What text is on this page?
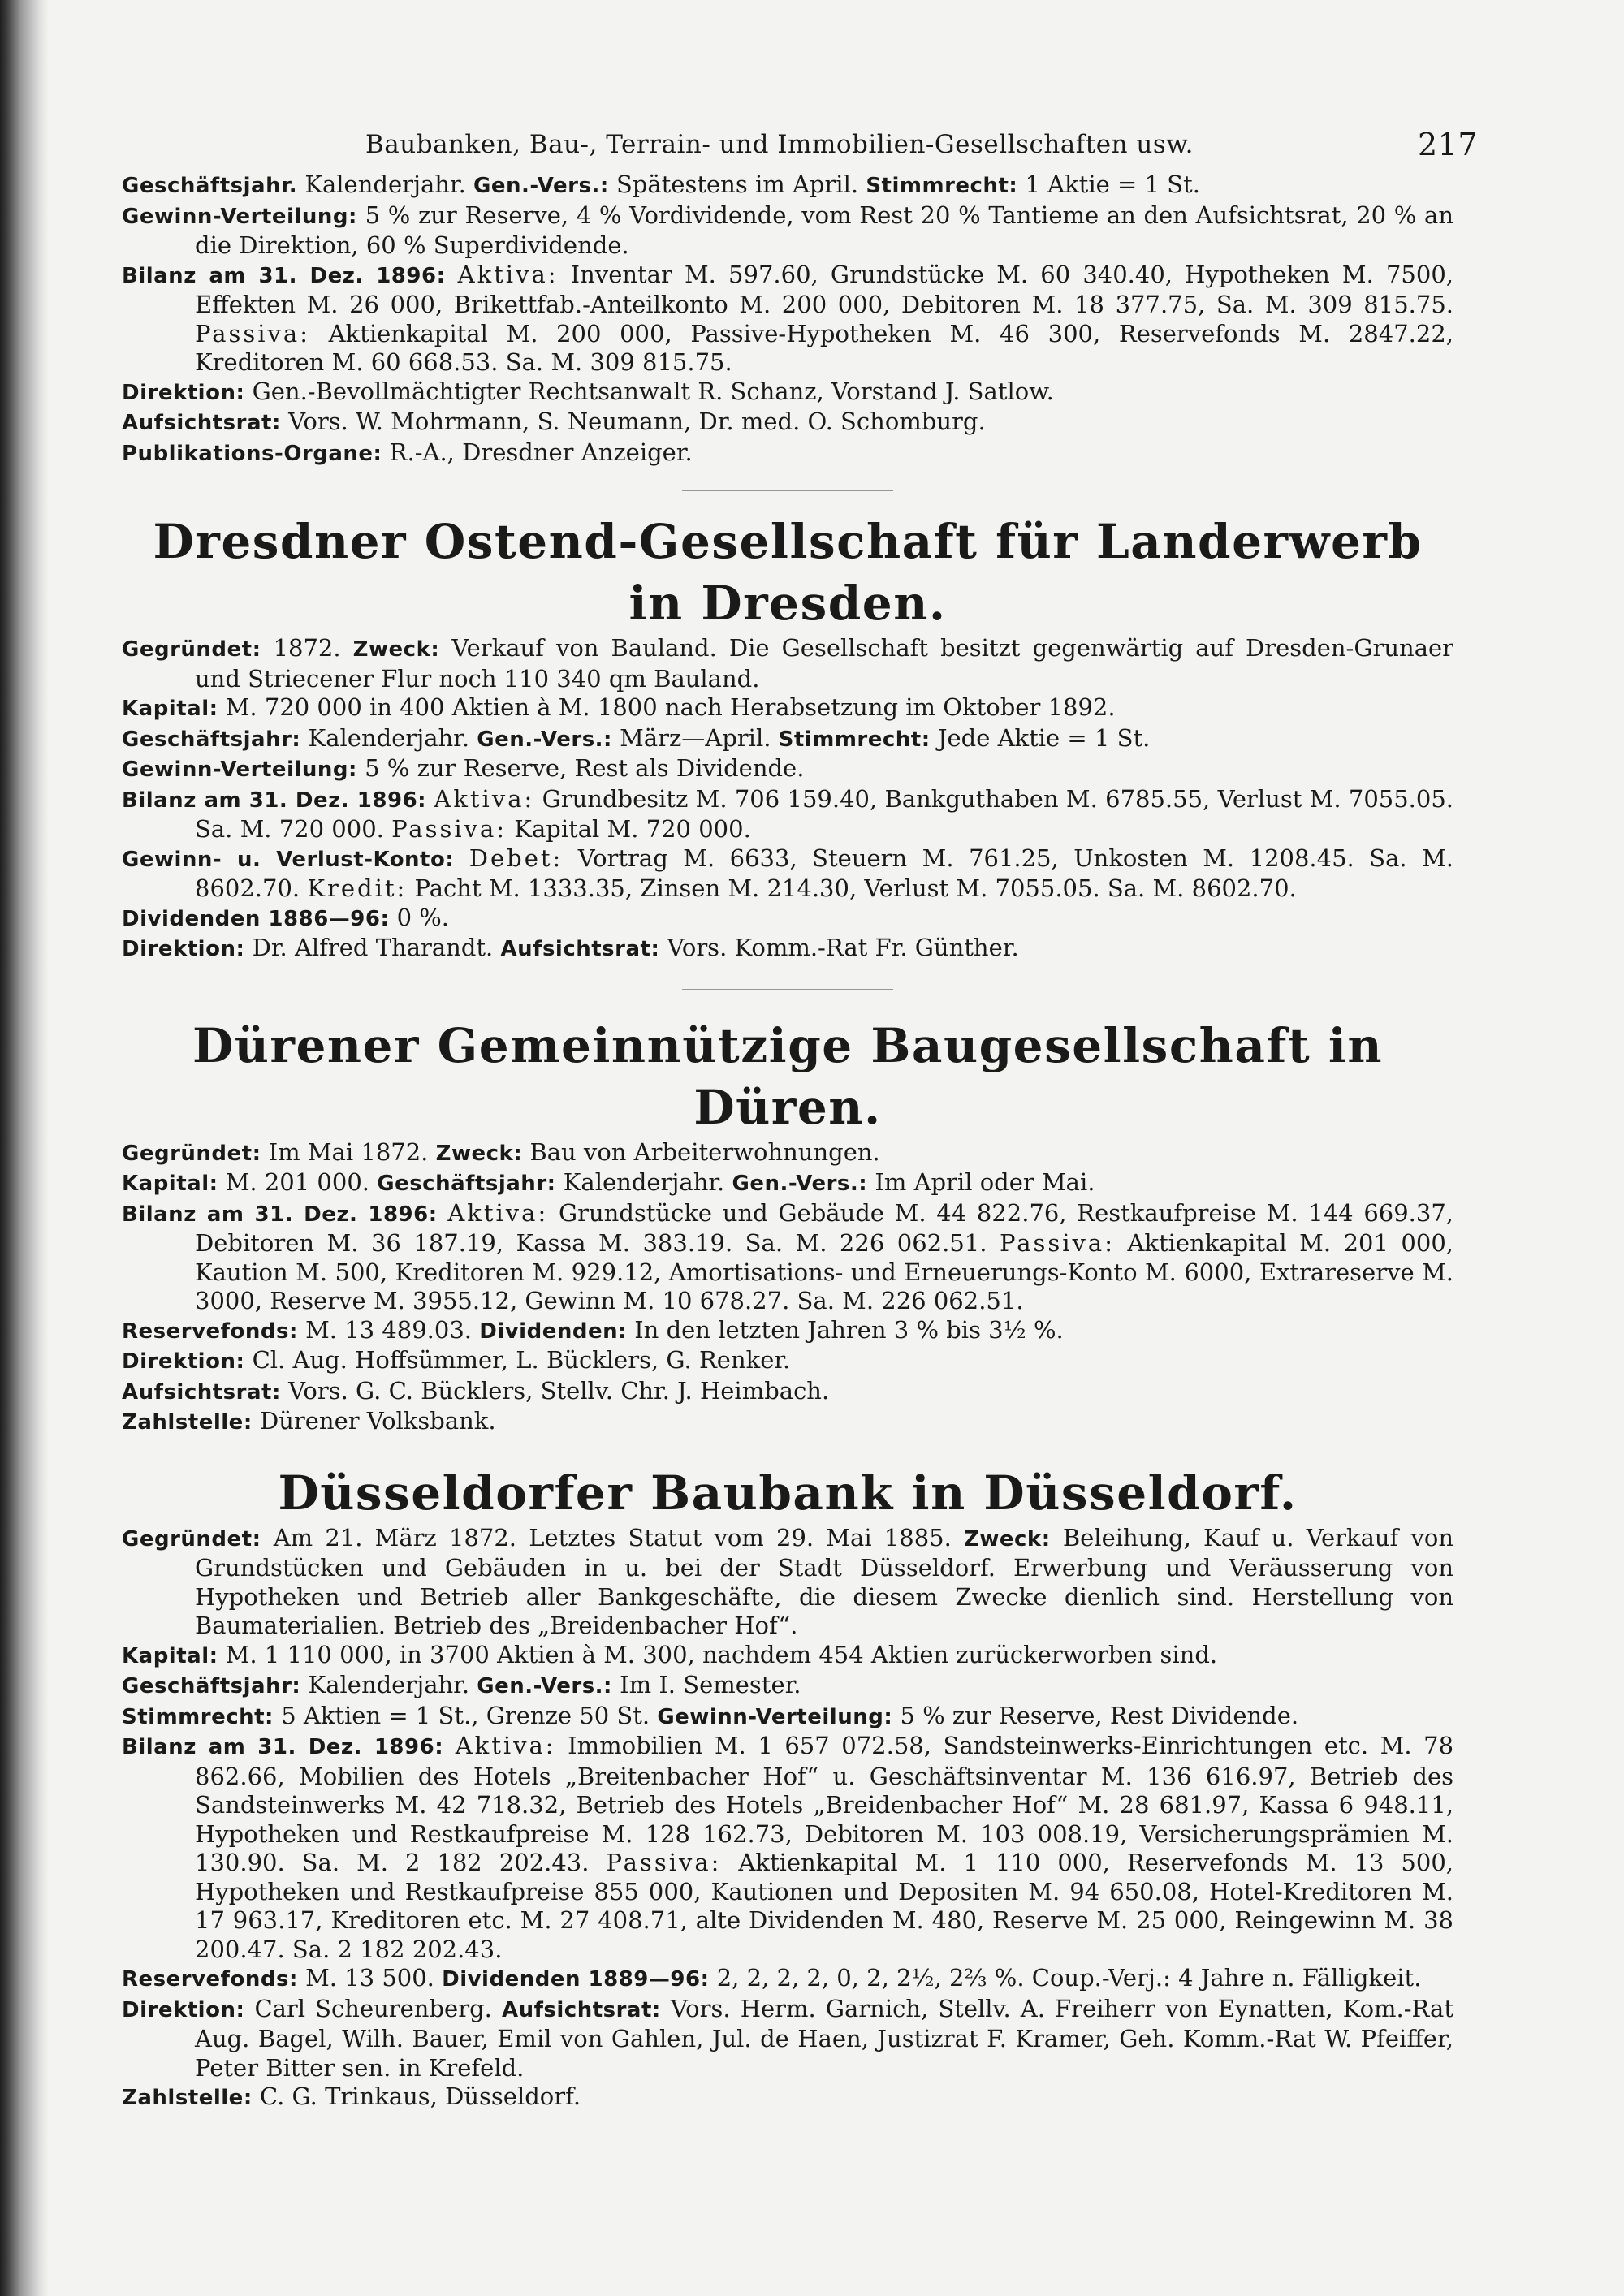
Baubanken, Bau-, Terrain- und Immobilien-Gesellschaften usw.	217

Geschäftsjahr. Kalenderjahr. Gen.-Vers.: Spätestens im April. Stimmrecht: 1 Aktie = 1 St.

Gewinn-Verteilung: 5 % zur Reserve, 4 % Vordividende, vom Rest 20 % Tantieme an den Aufsichtsrat, 20 % an die Direktion, 60 % Superdividende.

Bilanz am 31. Dez. 1896: Aktiva: Inventar M. 597.60, Grundstücke M. 60 340.40, Hypotheken M. 7500, Effekten M. 26 000, Brikettfab.-Anteilkonto M. 200 000, Debitoren M. 18 377.75, Sa. M. 309 815.75. Passiva: Aktienkapital M. 200 000, Passive-Hypotheken M. 46 300, Reservefonds M. 2847.22, Kreditoren M. 60 668.53. Sa. M. 309 815.75.

Direktion: Gen.-Bevollmächtigter Rechtsanwalt R. Schanz, Vorstand J. Satlow.

Aufsichtsrat: Vors. W. Mohrmann, S. Neumann, Dr. med. O. Schomburg.

Publikations-Organe: R.-A., Dresdner Anzeiger.

Dresdner Ostend-Gesellschaft für Landerwerb in Dresden.

Gegründet: 1872. Zweck: Verkauf von Bauland. Die Gesellschaft besitzt gegenwärtig auf Dresden-Grunaer und Strieсener Flur noch 110 340 qm Bauland.

Kapital: M. 720 000 in 400 Aktien à M. 1800 nach Herabsetzung im Oktober 1892.

Geschäftsjahr: Kalenderjahr. Gen.-Vers.: März—April. Stimmrecht: Jede Aktie = 1 St.

Gewinn-Verteilung: 5 % zur Reserve, Rest als Dividende.

Bilanz am 31. Dez. 1896: Aktiva: Grundbesitz M. 706 159.40, Bankguthaben M. 6785.55, Verlust M. 7055.05. Sa. M. 720 000. Passiva: Kapital M. 720 000.

Gewinn- u. Verlust-Konto: Debet: Vortrag M. 6633, Steuern M. 761.25, Unkosten M. 1208.45. Sa. M. 8602.70. Kredit: Pacht M. 1333.35, Zinsen M. 214.30, Verlust M. 7055.05. Sa. M. 8602.70.

Dividenden 1886—96: 0 %.

Direktion: Dr. Alfred Tharandt. Aufsichtsrat: Vors. Komm.-Rat Fr. Günther.

Dürener Gemeinnützige Baugesellschaft in Düren.

Gegründet: Im Mai 1872. Zweck: Bau von Arbeiterwohnungen.

Kapital: M. 201 000. Geschäftsjahr: Kalenderjahr. Gen.-Vers.: Im April oder Mai.

Bilanz am 31. Dez. 1896: Aktiva: Grundstücke und Gebäude M. 44 822.76, Restkaufpreise M. 144 669.37, Debitoren M. 36 187.19, Kassa M. 383.19. Sa. M. 226 062.51. Passiva: Aktienkapital M. 201 000, Kaution M. 500, Kreditoren M. 929.12, Amortisations- und Erneuerungs-Konto M. 6000, Extrareserve M. 3000, Reserve M. 3955.12, Gewinn M. 10 678.27. Sa. M. 226 062.51.

Reservefonds: M. 13 489.03. Dividenden: In den letzten Jahren 3 % bis 3½ %.

Direktion: Cl. Aug. Hoffsümmer, L. Bücklers, G. Renker.

Aufsichtsrat: Vors. G. C. Bücklers, Stellv. Chr. J. Heimbach.

Zahlstelle: Dürener Volksbank.

Düsseldorfer Baubank in Düsseldorf.

Gegründet: Am 21. März 1872. Letztes Statut vom 29. Mai 1885. Zweck: Beleihung, Kauf u. Verkauf von Grundstücken und Gebäuden in u. bei der Stadt Düsseldorf. Erwerbung und Veräusserung von Hypotheken und Betrieb aller Bankgeschäfte, die diesem Zwecke dienlich sind. Herstellung von Baumaterialien. Betrieb des „Breidenbacher Hof“.

Kapital: M. 1 110 000, in 3700 Aktien à M. 300, nachdem 454 Aktien zurückerworben sind.

Geschäftsjahr: Kalenderjahr. Gen.-Vers.: Im I. Semester.

Stimmrecht: 5 Aktien = 1 St., Grenze 50 St. Gewinn-Verteilung: 5 % zur Reserve, Rest Dividende.

Bilanz am 31. Dez. 1896: Aktiva: Immobilien M. 1 657 072.58, Sandsteinwerks-Einrichtungen etc. M. 78 862.66, Mobilien des Hotels „Breitenbacher Hof“ u. Geschäftsinventar M. 136 616.97, Betrieb des Sandsteinwerks M. 42 718.32, Betrieb des Hotels „Breidenbacher Hof“ M. 28 681.97, Kassa 6 948.11, Hypotheken und Restkaufpreise M. 128 162.73, Debitoren M. 103 008.19, Versicherungsprämien M. 130.90. Sa. M. 2 182 202.43. Passiva: Aktienkapital M. 1 110 000, Reservefonds M. 13 500, Hypotheken und Restkaufpreise 855 000, Kautionen und Depositen M. 94 650.08, Hotel-Kreditoren M. 17 963.17, Kreditoren etc. M. 27 408.71, alte Dividenden M. 480, Reserve M. 25 000, Reingewinn M. 38 200.47. Sa. 2 182 202.43.

Reservefonds: M. 13 500. Dividenden 1889—96: 2, 2, 2, 2, 0, 2, 2½, 2⅔ %. Coup.-Verj.: 4 Jahre n. Fälligkeit.

Direktion: Carl Scheurenberg. Aufsichtsrat: Vors. Herm. Garnich, Stellv. A. Freiherr von Eynatten, Kom.-Rat Aug. Bagel, Wilh. Bauer, Emil von Gahlen, Jul. de Haen, Justizrat F. Kramer, Geh. Komm.-Rat W. Pfeiffer, Peter Bitter sen. in Krefeld.

Zahlstelle: C. G. Trinkaus, Düsseldorf.
